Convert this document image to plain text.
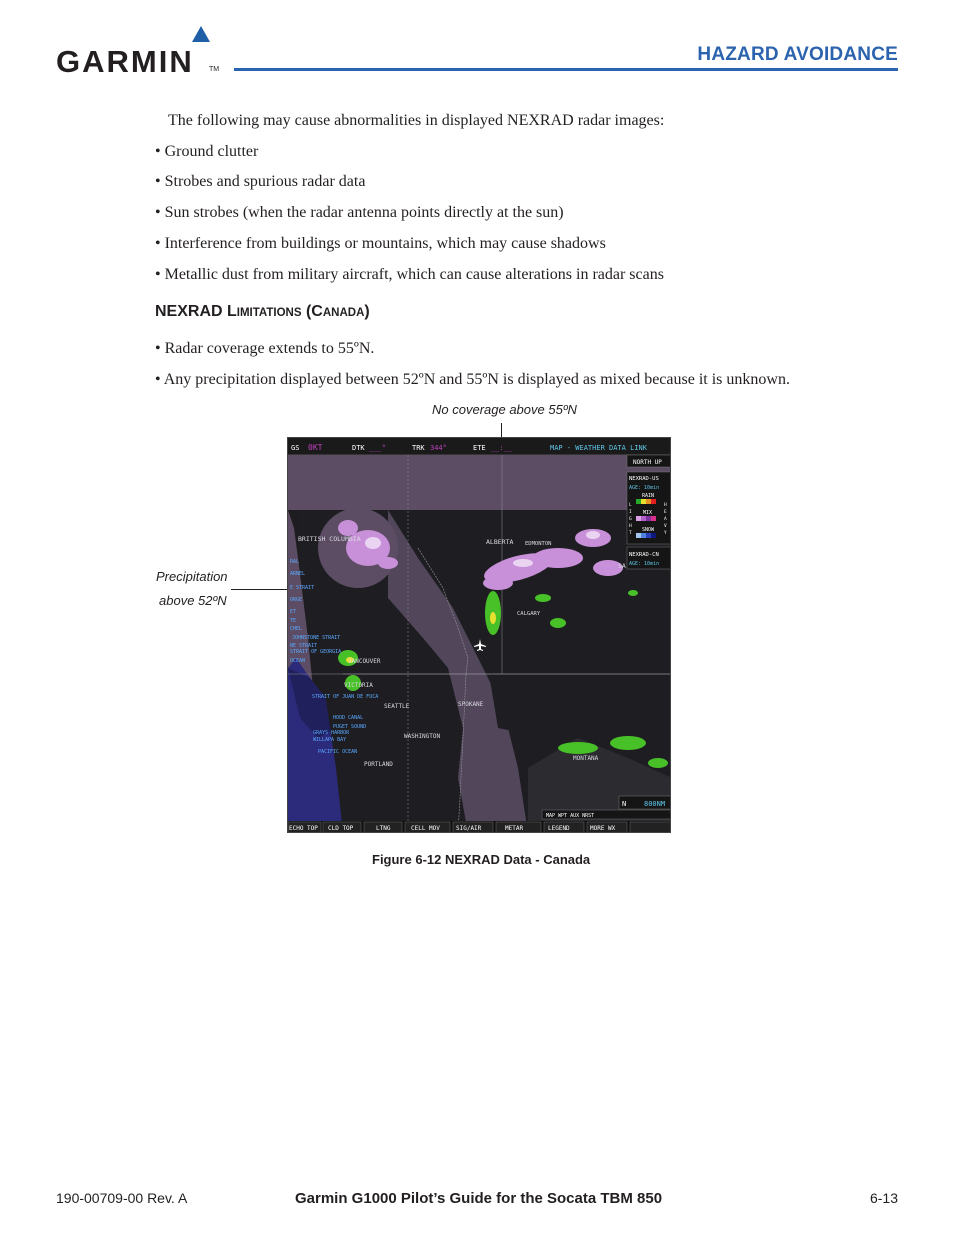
GARMIN TM
HAZARD AVOIDANCE
The following may cause abnormalities in displayed NEXRAD radar images:
• Ground clutter
• Strobes and spurious radar data
• Sun strobes (when the radar antenna points directly at the sun)
• Interference from buildings or mountains, which may cause shadows
• Metallic dust from military aircraft, which can cause alterations in radar scans
NEXRAD LIMITATIONS (CANADA)
• Radar coverage extends to 55ºN.
• Any precipitation displayed between 52ºN and 55ºN is displayed as mixed because it is unknown.
No coverage above 55ºN
Precipitation
above 52ºN
GS 0KT	DTK ___°	TRK 344°	ETE __:__	MAP - WEATHER DATA LINK
BRITISH COLUMBIA	ALBERTA EDMONTON
CALGARY
VANCOUVER
VICTORIA
SEATTLE	SPOKANE
WASHINGTON
PORTLAND
MONTANA
SA
RAL
ARNEL
E STRAIT
ORGE
ET
TE
CHEL
NE STRAIT
OCEAN
JOHNSTONE STRAIT
STRAIT OF GEORGIA
STRAIT OF JUAN DE FUCA
HOOD CANAL
PUGET SOUND
GRAYS HARBOR
WILLAPA BAY
PACIFIC OCEAN
NORTH UP
NEXRAD-US
AGE: 10min
RAIN
MIX
SNOW
L
I
G
H
T
H
E
A
V
Y
NEXRAD-CN
AGE: 10min
N	800NM
MAP WPT AUX NRST
ECHO TOP CLD TOP	LTNG	CELL MOV	SIG/AIR	METAR	LEGEND	MORE WX
Figure 6-12 NEXRAD Data - Canada
190-00709-00 Rev. A	Garmin G1000 Pilot’s Guide for the Socata TBM 850	6-13
